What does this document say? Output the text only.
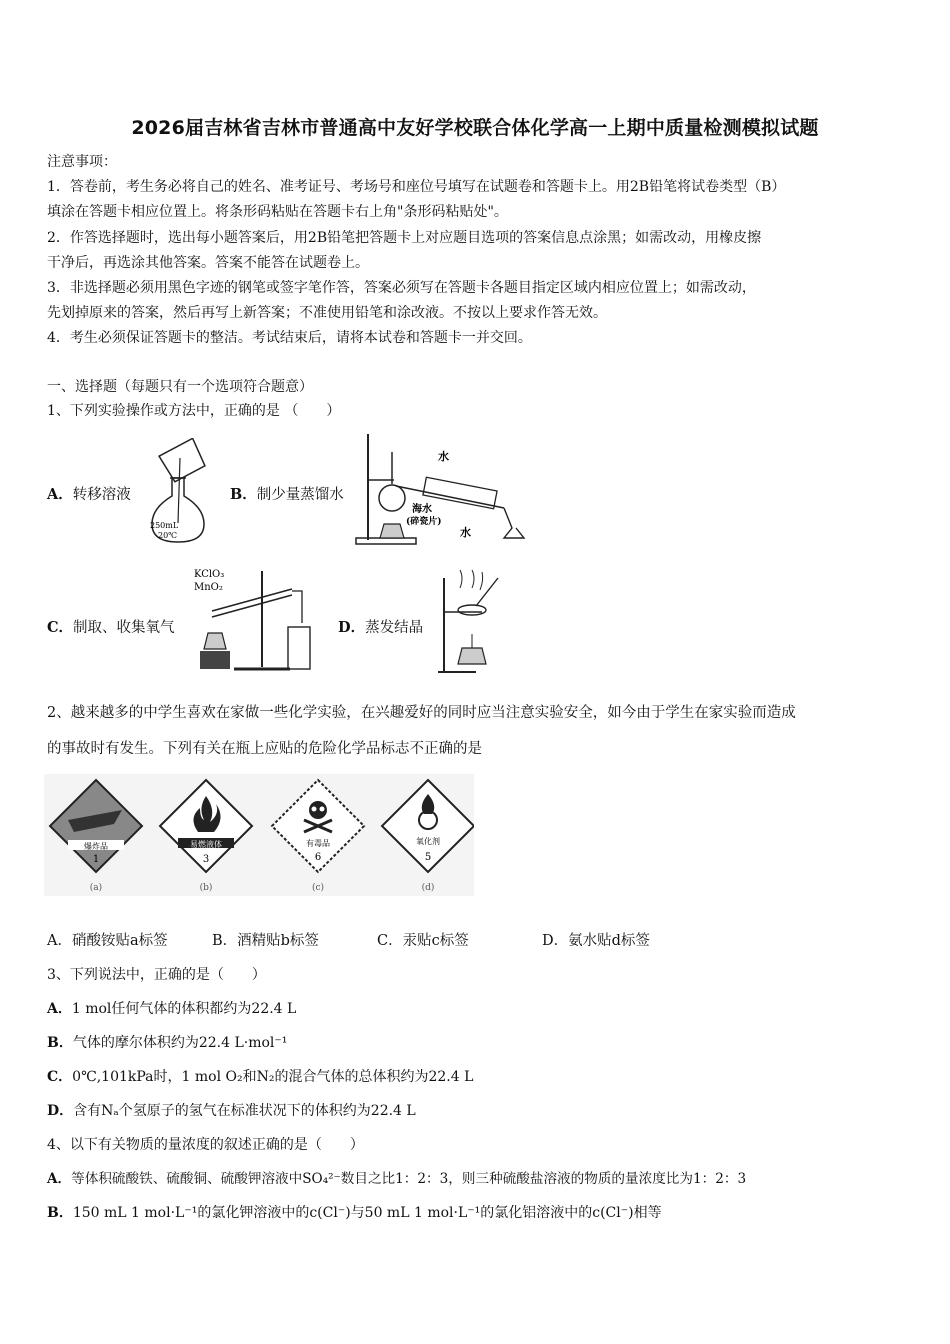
2026届吉林省吉林市普通高中友好学校联合体化学高一上期中质量检测模拟试题
注意事项：
1．答卷前，考生务必将自己的姓名、准考证号、考场号和座位号填写在试题卷和答题卡上。用2B铅笔将试卷类型（B）
填涂在答题卡相应位置上。将条形码粘贴在答题卡右上角"条形码粘贴处"。
2．作答选择题时，选出每小题答案后，用2B铅笔把答题卡上对应题目选项的答案信息点涂黑；如需改动，用橡皮擦
干净后，再选涂其他答案。答案不能答在试题卷上。
3．非选择题必须用黑色字迹的钢笔或签字笔作答，答案必须写在答题卡各题目指定区域内相应位置上；如需改动，
先划掉原来的答案，然后再写上新答案；不准使用铅笔和涂改液。不按以上要求作答无效。
4．考生必须保证答题卡的整洁。考试结束后，请将本试卷和答题卡一并交回。
一、选择题（每题只有一个选项符合题意）
1、下列实验操作或方法中，正确的是 （　　）
A．转移溶液
250mL
20℃
B．制少量蒸馏水
水
海水
(碎瓷片)
水
C．制取、收集氧气
KClO₃
MnO₂
D．蒸发结晶
2、越来越多的中学生喜欢在家做一些化学实验，在兴趣爱好的同时应当注意实验安全，如今由于学生在家实验而造成
的事故时有发生。下列有关在瓶上应贴的危险化学品标志不正确的是
爆炸品
1
(a)
易燃液体
3
(b)
有毒品
6
(c)
氧化剂
5
(d)
A．硝酸铵贴a标签	B．酒精贴b标签	C．汞贴c标签	D．氨水贴d标签
3、下列说法中，正确的是（　　）
A．1 mol任何气体的体积都约为22.4 L
B．气体的摩尔体积约为22.4 L·mol⁻¹
C．0℃,101kPa时，1 mol O₂和N₂的混合气体的总体积约为22.4 L
D．含有Nₐ个氢原子的氢气在标准状况下的体积约为22.4 L
4、以下有关物质的量浓度的叙述正确的是（　　）
A．等体积硫酸铁、硫酸铜、硫酸钾溶液中SO₄²⁻数目之比1：2：3，则三种硫酸盐溶液的物质的量浓度比为1：2：3
B．150 mL 1 mol·L⁻¹的氯化钾溶液中的c(Cl⁻)与50 mL 1 mol·L⁻¹的氯化铝溶液中的c(Cl⁻)相等
